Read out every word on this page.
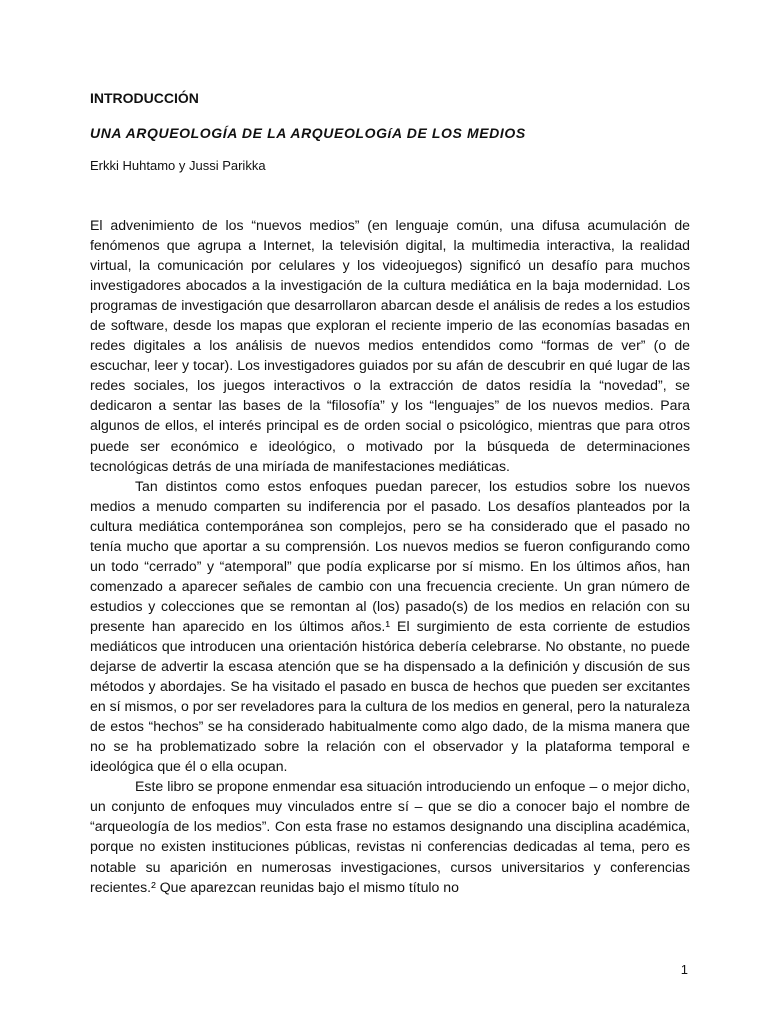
INTRODUCCIÓN
UNA ARQUEOLOGÍA DE LA ARQUEOLOGíA DE LOS MEDIOS

Erkki Huhtamo y Jussi Parikka

El advenimiento de los “nuevos medios” (en lenguaje común, una difusa acumulación de fenómenos que agrupa a Internet, la televisión digital, la multimedia interactiva, la realidad virtual, la comunicación por celulares y los videojuegos) significó un desafío para muchos investigadores abocados a la investigación de la cultura mediática en la baja modernidad. Los programas de investigación que desarrollaron abarcan desde el análisis de redes a los estudios de software, desde los mapas que exploran el reciente imperio de las economías basadas en redes digitales a los análisis de nuevos medios entendidos como “formas de ver” (o de escuchar, leer y tocar). Los investigadores guiados por su afán de descubrir en qué lugar de las redes sociales, los juegos interactivos o la extracción de datos residía la “novedad”, se dedicaron a sentar las bases de la “filosofía” y los “lenguajes” de los nuevos medios. Para algunos de ellos, el interés principal es de orden social o psicológico, mientras que para otros puede ser económico e ideológico, o motivado por la búsqueda de determinaciones tecnológicas detrás de una miríada de manifestaciones mediáticas.

Tan distintos como estos enfoques puedan parecer, los estudios sobre los nuevos medios a menudo comparten su indiferencia por el pasado. Los desafíos planteados por la cultura mediática contemporánea son complejos, pero se ha considerado que el pasado no tenía mucho que aportar a su comprensión. Los nuevos medios se fueron configurando como un todo “cerrado” y “atemporal” que podía explicarse por sí mismo. En los últimos años, han comenzado a aparecer señales de cambio con una frecuencia creciente. Un gran número de estudios y colecciones que se remontan al (los) pasado(s) de los medios en relación con su presente han aparecido en los últimos años.¹ El surgimiento de esta corriente de estudios mediáticos que introducen una orientación histórica debería celebrarse. No obstante, no puede dejarse de advertir la escasa atención que se ha dispensado a la definición y discusión de sus métodos y abordajes. Se ha visitado el pasado en busca de hechos que pueden ser excitantes en sí mismos, o por ser reveladores para la cultura de los medios en general, pero la naturaleza de estos “hechos” se ha considerado habitualmente como algo dado, de la misma manera que no se ha problematizado sobre la relación con el observador y la plataforma temporal e ideológica que él o ella ocupan.

Este libro se propone enmendar esa situación introduciendo un enfoque – o mejor dicho, un conjunto de enfoques muy vinculados entre sí – que se dio a conocer bajo el nombre de “arqueología de los medios”. Con esta frase no estamos designando una disciplina académica, porque no existen instituciones públicas, revistas ni conferencias dedicadas al tema, pero es notable su aparición en numerosas investigaciones, cursos universitarios y conferencias recientes.² Que aparezcan reunidas bajo el mismo título no

1
